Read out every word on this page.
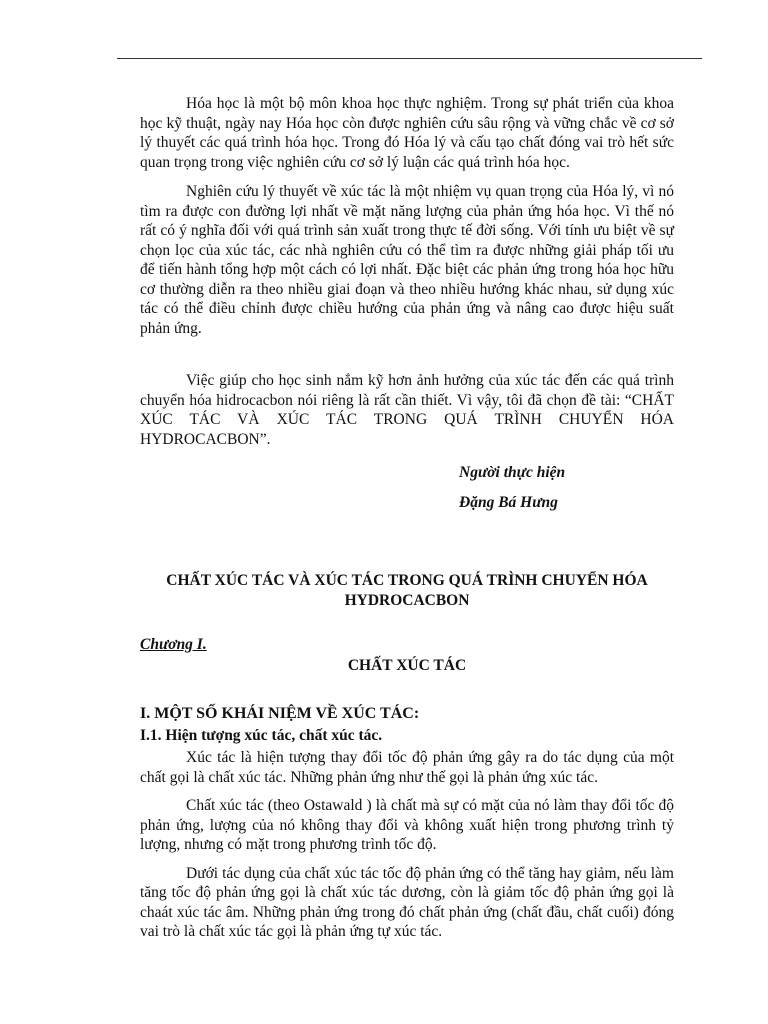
Hóa học là một bộ môn khoa học thực nghiệm. Trong sự phát triển của khoa học kỹ thuật, ngày nay Hóa học còn được nghiên cứu sâu rộng và vững chắc về cơ sở lý thuyết các quá trình hóa học. Trong đó Hóa lý và cấu tạo chất đóng vai trò hết sức quan trọng trong việc nghiên cứu cơ sở lý luận các quá trình hóa học.

Nghiên cứu lý thuyết về xúc tác là một nhiệm vụ quan trọng của Hóa lý, vì nó tìm ra được con đường lợi nhất về mặt năng lượng của phản ứng hóa học. Vì thế nó rất có ý nghĩa đối với quá trình sản xuất trong thực tế đời sống. Với tính ưu biệt về sự chọn lọc của xúc tác, các nhà nghiên cứu có thể tìm ra được những giải pháp tối ưu để tiến hành tổng hợp một cách có lợi nhất. Đặc biệt các phản ứng trong hóa học hữu cơ thường diễn ra theo nhiều giai đoạn và theo nhiều hướng khác nhau, sử dụng xúc tác có thể điều chỉnh được chiều hướng của phản ứng và nâng cao được hiệu suất phản ứng.

Việc giúp cho học sinh nắm kỹ hơn ảnh hưởng của xúc tác đến các quá trình chuyển hóa hidrocacbon nói riêng là rất cần thiết. Vì vậy, tôi đã chọn đề tài: “CHẤT XÚC TÁC VÀ XÚC TÁC TRONG QUÁ TRÌNH CHUYỂN HÓA HYDROCACBON”.

Người thực hiện
Đặng Bá Hưng
CHẤT XÚC TÁC VÀ XÚC TÁC TRONG QUÁ TRÌNH CHUYỂN HÓA HYDROCACBON
Chương I.
CHẤT XÚC TÁC
I. MỘT SỐ KHÁI NIỆM VỀ XÚC TÁC:
I.1. Hiện tượng xúc tác, chất xúc tác.

Xúc tác là hiện tượng thay đổi tốc độ phản ứng gây ra do tác dụng của một chất gọi là chất xúc tác. Những phản ứng như thế gọi là phản ứng xúc tác.

Chất xúc tác (theo Ostawald ) là chất mà sự có mặt của nó làm thay đổi tốc độ phản ứng, lượng của nó không thay đổi và không xuất hiện trong phương trình tỷ lượng, nhưng có mặt trong phương trình tốc độ.

Dưới tác dụng của chất xúc tác tốc độ phản ứng có thể tăng hay giảm, nếu làm tăng tốc độ phản ứng gọi là chất xúc tác dương, còn là giảm tốc độ phản ứng gọi là chaát xúc tác âm. Những phản ứng trong đó chất phản ứng (chất đầu, chất cuối) đóng vai trò là chất xúc tác gọi là phản ứng tự xúc tác.
